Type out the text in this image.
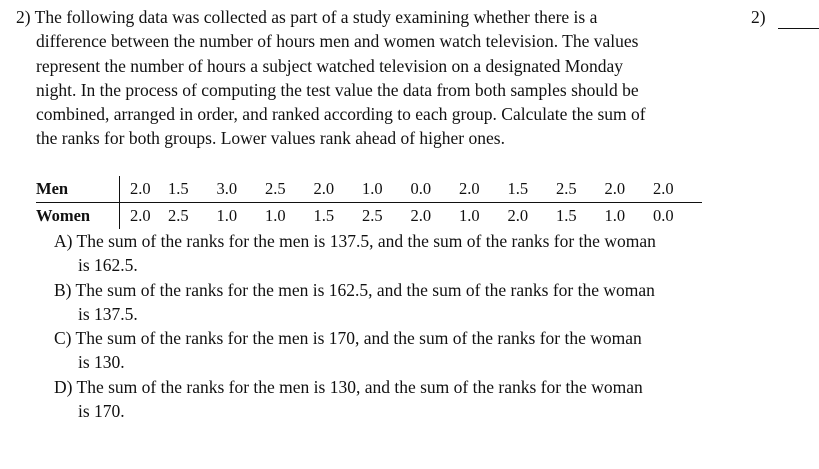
2) The following data was collected as part of a study examining whether there is a
difference between the number of hours men and women watch television. The values
represent the number of hours a subject watched television on a designated Monday
night. In the process of computing the test value the data from both samples should be
combined, arranged in order, and ranked according to each group. Calculate the sum of
the ranks for both groups. Lower values rank ahead of higher ones.
2)
Men	2.0	1.5	3.0	2.5	2.0	1.0	0.0	2.0	1.5	2.5	2.0	2.0
Women	2.0	2.5	1.0	1.0	1.5	2.5	2.0	1.0	2.0	1.5	1.0	0.0
A) The sum of the ranks for the men is 137.5, and the sum of the ranks for the woman
is 162.5.
B) The sum of the ranks for the men is 162.5, and the sum of the ranks for the woman
is 137.5.
C) The sum of the ranks for the men is 170, and the sum of the ranks for the woman
is 130.
D) The sum of the ranks for the men is 130, and the sum of the ranks for the woman
is 170.
